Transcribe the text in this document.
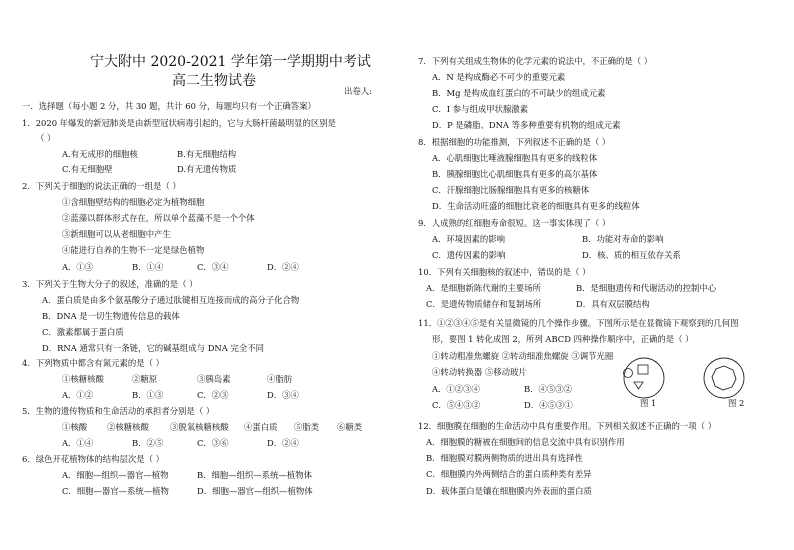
宁大附中 2020-2021 学年第一学期期中考试
高二生物试卷
出卷人:
一．选择题（每小题 2 分，共 30 题，共计 60 分，每题均只有一个正确答案）
1．2020 年爆发的新冠肺炎是由新型冠状病毒引起的，它与大肠杆菌最明显的区别是
（ ）
A.有无成形的细胞核	B.有无细胞结构
C.有无细胞壁	D.有无遗传物质
2．下列关于细胞的说法正确的一组是（ ）
①含细胞壁结构的细胞必定为植物细胞
②蓝藻以群体形式存在，所以单个蓝藻不是一个个体
③新细胞可以从老细胞中产生
④能进行自养的生物不一定是绿色植物
A．①③	B．①④	C．③④	D．②④
3．下列关于生物大分子的叙述，准确的是（ ）
A．蛋白质是由多个氨基酸分子通过肽键相互连接而成的高分子化合物
B．DNA 是一切生物遗传信息的载体
C．激素都属于蛋白质
D．RNA 通常只有一条链，它的碱基组成与 DNA 完全不同
4．下列物质中都含有氮元素的是（ ）
①核糖核酸	②糖原	③胰岛素	④脂肪
A．①②	B．①③	C．②③	D．③④
5．生物的遗传物质和生命活动的承担者分别是（ ）
①核酸 ②核糖核酸	③脱氧核糖核酸 ④蛋白质 ⑤脂类 ⑥糖类
A．①④	B．②⑤	C．③⑥	D．②④
6．绿色开花植物体的结构层次是（ ）
A．细胞—组织—器官—植物	B．细胞—组织—系统—植物体
C．细胞—器官—系统—植物	D．细胞—器官—组织—植物体
7．下列有关组成生物体的化学元素的说法中，不正确的是（ ）
A．N 是构成酶必不可少的重要元素
B．Mg 是构成血红蛋白的不可缺少的组成元素
C．I 参与组成甲状腺激素
D．P 是磷脂、DNA 等多种重要有机物的组成元素
8．根据细胞的功能推测，下列叙述不正确的是（ ）
A．心肌细胞比唾液腺细胞具有更多的线粒体
B．胰腺细胞比心肌细胞具有更多的高尔基体
C．汗腺细胞比肠腺细胞具有更多的核糖体
D．生命活动旺盛的细胞比衰老的细胞具有更多的线粒体
9．人成熟的红细胞寿命很短。这一事实体现了（ ）
A．环境因素的影响	B．功能对寿命的影响
C．遗传因素的影响	D．核、质的相互依存关系
10．下列有关细胞核的叙述中，错误的是（ ）
A．是细胞新陈代谢的主要场所	B．是细胞遗传和代谢活动的控制中心
C．是遗传物质储存和复制场所	D．具有双层膜结构
11．①②③④⑤是有关显微镜的几个操作步骤。下图所示是在显微镜下观察到的几何图
形，要图 1 转化成图 2，所列 ABCD 四种操作顺序中，正确的是（ ）
①转动粗准焦螺旋 ②转动细准焦螺旋 ③调节光圈
④转动转换器 ⑤移动玻片
A．①②③④	B．④⑤③②
C．⑤④③②	D．④⑤③①	图 1	图 2
12．细胞膜在细胞的生命活动中具有重要作用。下列相关叙述不正确的一项（ ）
A．细胞膜的糖被在细胞间的信息交流中具有识别作用
B．细胞膜对膜两侧物质的进出具有选择性
C．细胞膜内外两侧结合的蛋白质种类有差异
D．载体蛋白是镶在细胞膜内外表面的蛋白质
